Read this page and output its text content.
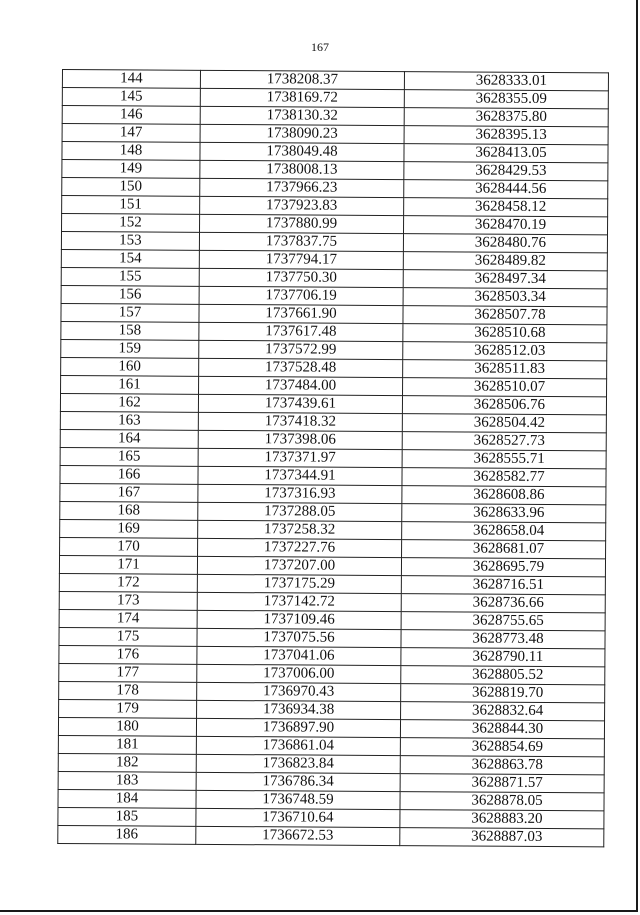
167
144	1738208.37	3628333.01
145	1738169.72	3628355.09
146	1738130.32	3628375.80
147	1738090.23	3628395.13
148	1738049.48	3628413.05
149	1738008.13	3628429.53
150	1737966.23	3628444.56
151	1737923.83	3628458.12
152	1737880.99	3628470.19
153	1737837.75	3628480.76
154	1737794.17	3628489.82
155	1737750.30	3628497.34
156	1737706.19	3628503.34
157	1737661.90	3628507.78
158	1737617.48	3628510.68
159	1737572.99	3628512.03
160	1737528.48	3628511.83
161	1737484.00	3628510.07
162	1737439.61	3628506.76
163	1737418.32	3628504.42
164	1737398.06	3628527.73
165	1737371.97	3628555.71
166	1737344.91	3628582.77
167	1737316.93	3628608.86
168	1737288.05	3628633.96
169	1737258.32	3628658.04
170	1737227.76	3628681.07
171	1737207.00	3628695.79
172	1737175.29	3628716.51
173	1737142.72	3628736.66
174	1737109.46	3628755.65
175	1737075.56	3628773.48
176	1737041.06	3628790.11
177	1737006.00	3628805.52
178	1736970.43	3628819.70
179	1736934.38	3628832.64
180	1736897.90	3628844.30
181	1736861.04	3628854.69
182	1736823.84	3628863.78
183	1736786.34	3628871.57
184	1736748.59	3628878.05
185	1736710.64	3628883.20
186	1736672.53	3628887.03
